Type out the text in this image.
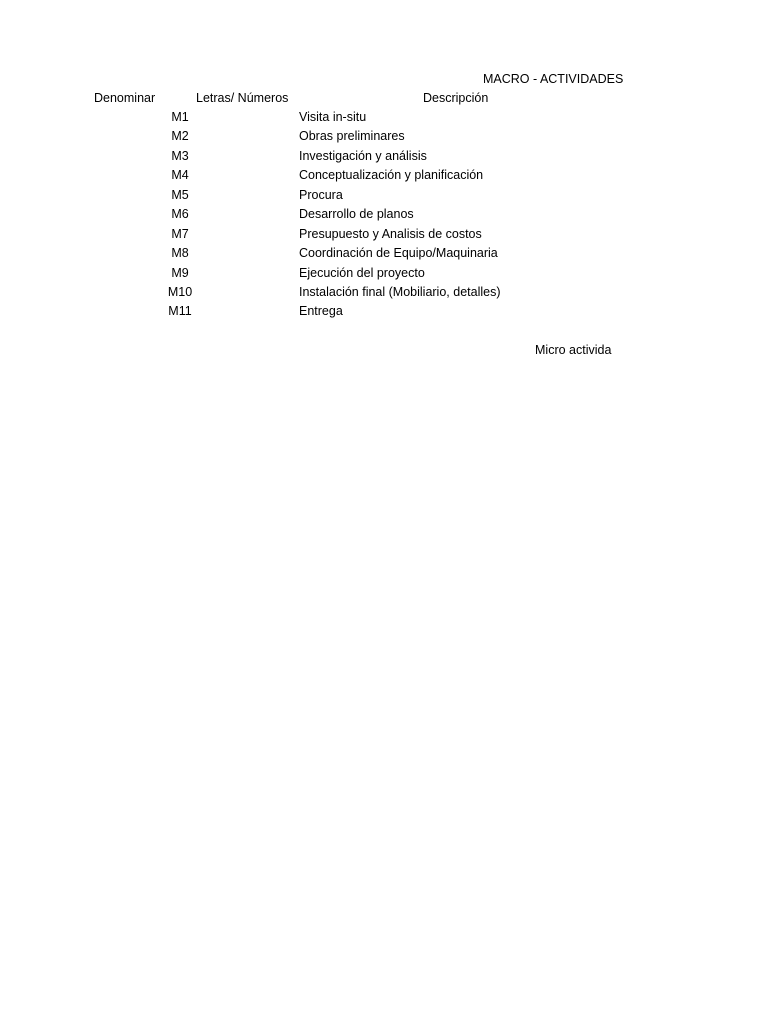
MACRO - ACTIVIDADES
Denominar	Letras/ Números	Descripción
M1	Visita in-situ
M2	Obras preliminares
M3	Investigación y análisis
M4	Conceptualización y planificación
M5	Procura
M6	Desarrollo de planos
M7	Presupuesto y Analisis de costos
M8	Coordinación de Equipo/Maquinaria
M9	Ejecución del proyecto
M10	Instalación final (Mobiliario, detalles)
M11	Entrega
Micro activida
